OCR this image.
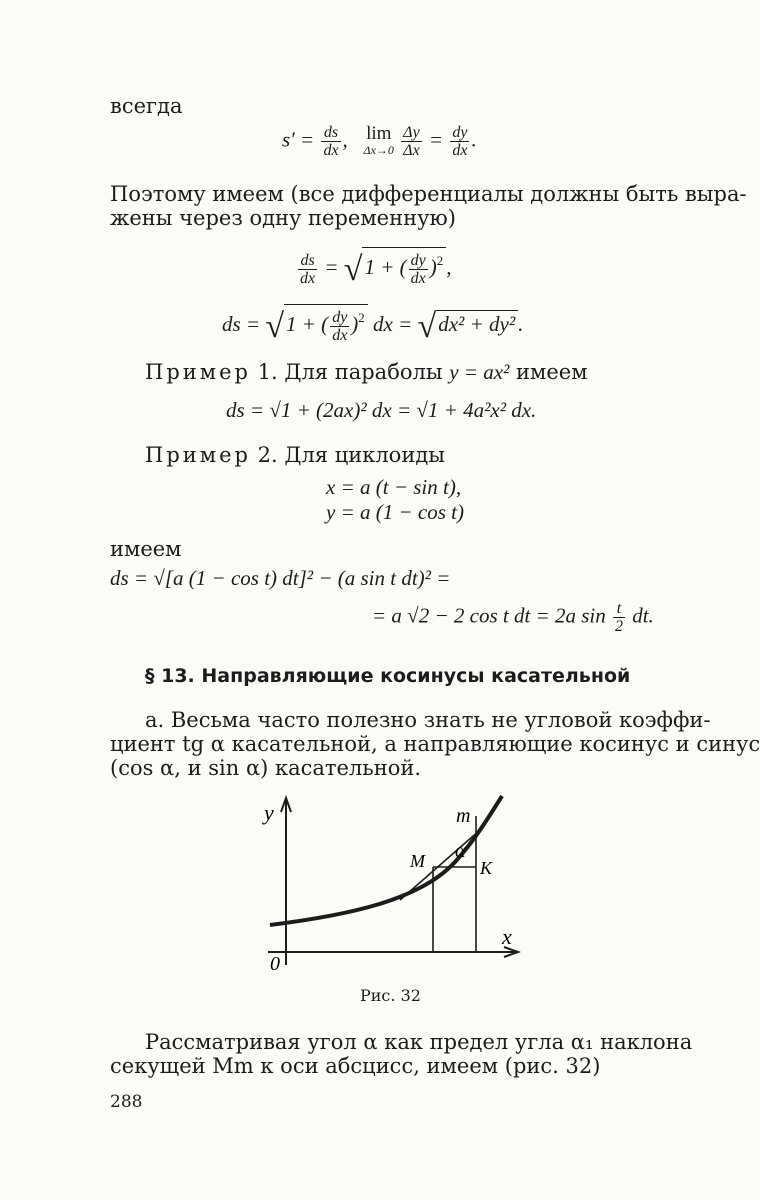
всегда
$s' = \frac{ds}{dx}$ , lim
Δx→0
$\frac{\Delta y}{\Delta x} = \frac{dy}{dx}$ .
Поэтому имеем (все дифференциалы должны быть выра-
жены через одну переменную)
$\frac{ds}{dx} = √1$ + ( $\frac{dy}{dx} )^2$ ,
ds = √1 + ( $\frac{dy}{dx} )^2$ dx = √dx² + dy² .
Пример 1. Для параболы y = ax² имеем
ds = √1 + (2ax)² dx = √1 + 4a²x² dx.
Пример 2. Для циклоиды
x = a (t − sin t),
y = a (1 − cos t)
имеем
ds = √[a (1 − cos t) dt]² − (a sin t dt)² =
= a √2 − 2 cos t dt = 2a $\sin \frac{t}{2}$ dt.
§ 13. Направляющие косинусы касательной
а. Весьма часто полезно знать не угловой коэффи-
циент tg α касательной, а направляющие косинус и синус
(cos α, и sin α) касательной.
y
x
0
m
M	K
α
Рис. 32
Рассматривая угол α как предел угла α₁ наклона
секущей Mm к оси абсцисс, имеем (рис. 32)
288
